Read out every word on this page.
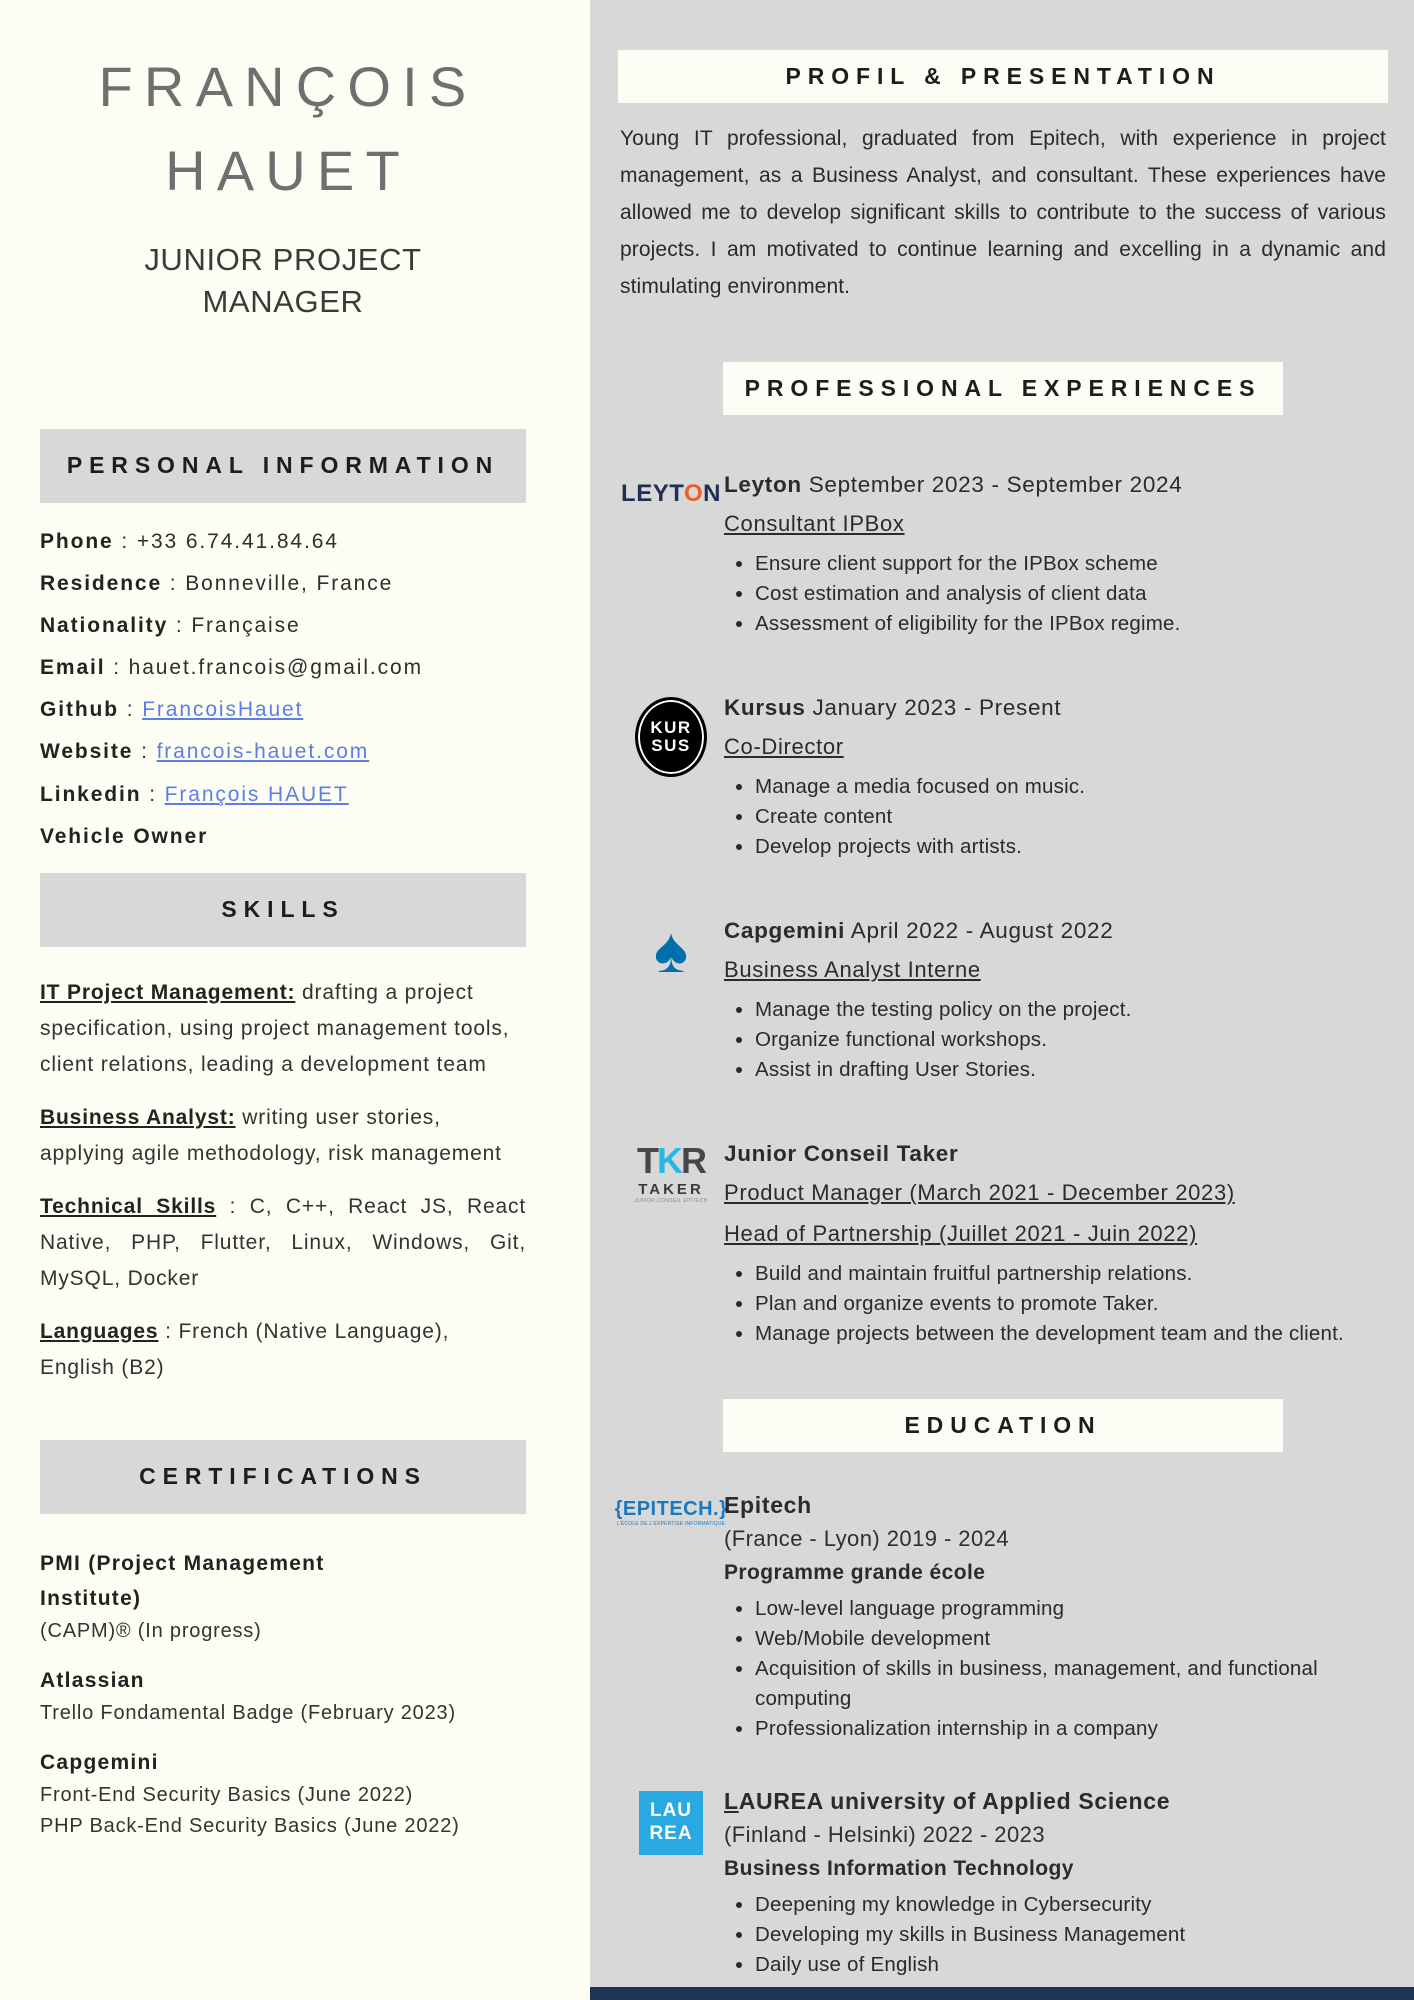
FRANÇOIS
HAUET
JUNIOR PROJECT MANAGER
PERSONAL INFORMATION
Phone : +33 6.74.41.84.64
Residence : Bonneville, France
Nationality : Française
Email : hauet.francois@gmail.com
Github : FrancoisHauet
Website : francois-hauet.com
Linkedin : François HAUET
Vehicle Owner
SKILLS

IT Project Management: drafting a project specification, using project management tools, client relations, leading a development team

Business Analyst: writing user stories, applying agile methodology, risk management

Technical Skills : C, C++, React JS, React Native, PHP, Flutter, Linux, Windows, Git, MySQL, Docker

Languages : French (Native Language), English (B2)

CERTIFICATIONS
PMI (Project Management Institute)
(CAPM)® (In progress)
Atlassian
Trello Fondamental Badge (February 2023)
Capgemini
Front-End Security Basics (June 2022)
PHP Back-End Security Basics (June 2022)
PROFIL & PRESENTATION

Young IT professional, graduated from Epitech, with experience in project management, as a Business Analyst, and consultant. These experiences have allowed me to develop significant skills to contribute to the success of various projects. I am motivated to continue learning and excelling in a dynamic and stimulating environment.

PROFESSIONAL EXPERIENCES
LEYTON Leyton September 2023 - September 2024
Consultant IPBox
• Ensure client support for the IPBox scheme
• Cost estimation and analysis of client data
• Assessment of eligibility for the IPBox regime.
KUR
SUS
Kursus January 2023 - Present
Co-Director
• Manage a media focused on music.
• Create content
• Develop projects with artists.
♠ Capgemini April 2022 - August 2022
Business Analyst Interne
• Manage the testing policy on the project.
• Organize functional workshops.
• Assist in drafting User Stories.
TKR
TAKER
JUNIOR CONSEIL EPITECH
Junior Conseil Taker
Product Manager (March 2021 - December 2023)
Head of Partnership (Juillet 2021 - Juin 2022)
• Build and maintain fruitful partnership relations.
• Plan and organize events to promote Taker.
• Manage projects between the development team and the client.
EDUCATION
{EPITECH.}
L'ÉCOLE DE L'EXPERTISE INFORMATIQUE
Epitech
(France - Lyon) 2019 - 2024
Programme grande école
• Low-level language programming
• Web/Mobile development
• Acquisition of skills in business, management, and functional computing
• Professionalization internship in a company
LAU
REA
LAUREA university of Applied Science
(Finland - Helsinki) 2022 - 2023
Business Information Technology
• Deepening my knowledge in Cybersecurity
• Developing my skills in Business Management
• Daily use of English
